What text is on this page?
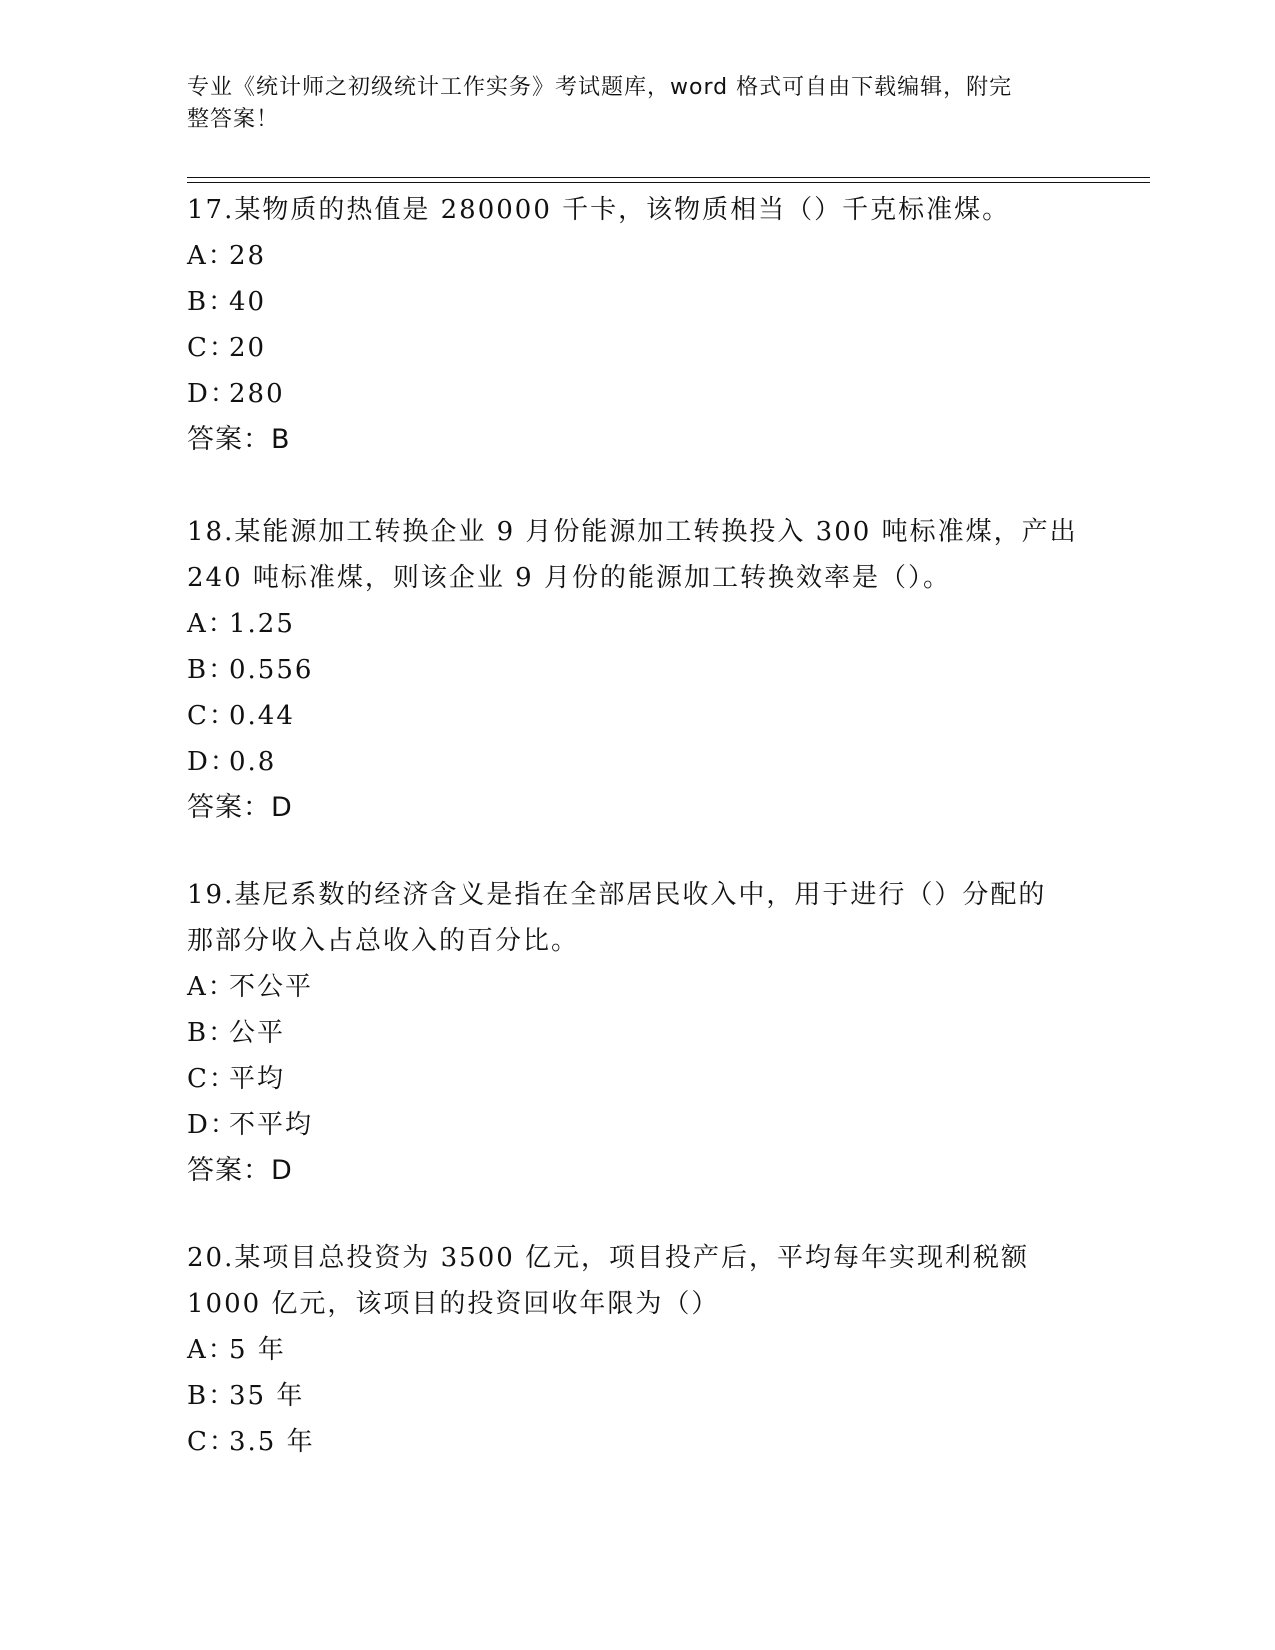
专业《统计师之初级统计工作实务》考试题库，word 格式可自由下载编辑，附完
整答案！
17.某物质的热值是 280000 千卡，该物质相当（）千克标准煤。
A：28
B：40
C：20
D：280
答案：B
18.某能源加工转换企业 9 月份能源加工转换投入 300 吨标准煤，产出
240 吨标准煤，则该企业 9 月份的能源加工转换效率是（）。
A：1.25
B：0.556
C：0.44
D：0.8
答案：D
19.基尼系数的经济含义是指在全部居民收入中，用于进行（）分配的
那部分收入占总收入的百分比。
A：不公平
B：公平
C：平均
D：不平均
答案：D
20.某项目总投资为 3500 亿元，项目投产后，平均每年实现利税额
1000 亿元，该项目的投资回收年限为（）
A：5 年
B：35 年
C：3.5 年
